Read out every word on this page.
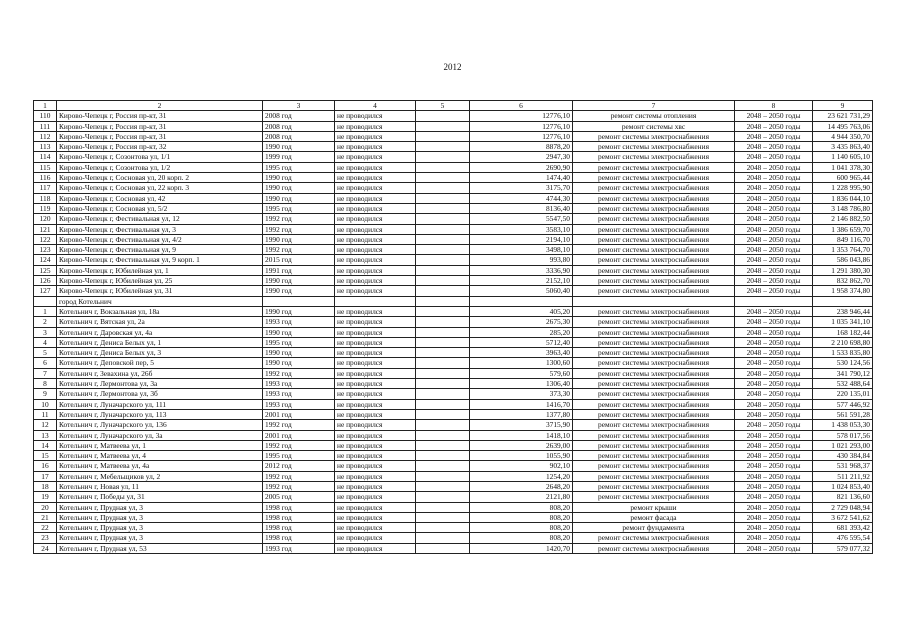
2012
1	2	3	4	5	6	7	8	9
110	Кирово-Чепецк г, Россия пр-кт, 31	2008 год	не проводился		12776,10	ремонт системы отопления	2048 – 2050 годы	23 621 731,29
111	Кирово-Чепецк г, Россия пр-кт, 31	2008 год	не проводился		12776,10	ремонт системы хвс	2048 – 2050 годы	14 495 763,06
112	Кирово-Чепецк г, Россия пр-кт, 31	2008 год	не проводился		12776,10	ремонт системы электроснабжения	2048 – 2050 годы	4 944 350,70
113	Кирово-Чепецк г, Россия пр-кт, 32	1990 год	не проводился		8878,20	ремонт системы электроснабжения	2048 – 2050 годы	3 435 863,40
114	Кирово-Чепецк г, Созонтова ул, 1/1	1999 год	не проводился		2947,30	ремонт системы электроснабжения	2048 – 2050 годы	1 140 605,10
115	Кирово-Чепецк г, Созонтова ул, 1/2	1995 год	не проводился		2690,90	ремонт системы электроснабжения	2048 – 2050 годы	1 041 378,30
116	Кирово-Чепецк г, Сосновая ул, 20 корп. 2	1990 год	не проводился		1474,40	ремонт системы электроснабжения	2048 – 2050 годы	600 965,44
117	Кирово-Чепецк г, Сосновая ул, 22 корп. 3	1990 год	не проводился		3175,70	ремонт системы электроснабжения	2048 – 2050 годы	1 228 995,90
118	Кирово-Чепецк г, Сосновая ул, 42	1990 год	не проводился		4744,30	ремонт системы электроснабжения	2048 – 2050 годы	1 836 044,10
119	Кирово-Чепецк г, Сосновая ул, 5/2	1995 год	не проводился		8136,40	ремонт системы электроснабжения	2048 – 2050 годы	3 148 786,80
120	Кирово-Чепецк г, Фестивальная ул, 12	1992 год	не проводился		5547,50	ремонт системы электроснабжения	2048 – 2050 годы	2 146 882,50
121	Кирово-Чепецк г, Фестивальная ул, 3	1992 год	не проводился		3583,10	ремонт системы электроснабжения	2048 – 2050 годы	1 386 659,70
122	Кирово-Чепецк г, Фестивальная ул, 4/2	1990 год	не проводился		2194,10	ремонт системы электроснабжения	2048 – 2050 годы	849 116,70
123	Кирово-Чепецк г, Фестивальная ул, 9	1992 год	не проводился		3498,10	ремонт системы электроснабжения	2048 – 2050 годы	1 353 764,70
124	Кирово-Чепецк г, Фестивальная ул, 9 корп. 1	2015 год	не проводился		993,80	ремонт системы электроснабжения	2048 – 2050 годы	586 043,86
125	Кирово-Чепецк г, Юбилейная ул, 1	1991 год	не проводился		3336,90	ремонт системы электроснабжения	2048 – 2050 годы	1 291 380,30
126	Кирово-Чепецк г, Юбилейная ул, 25	1990 год	не проводился		2152,10	ремонт системы электроснабжения	2048 – 2050 годы	832 862,70
127	Кирово-Чепецк г, Юбилейная ул, 31	1990 год	не проводился		5060,40	ремонт системы электроснабжения	2048 – 2050 годы	1 958 374,80
	город Котельнич							
1	Котельнич г, Вокзальная ул, 18а	1990 год	не проводился		405,20	ремонт системы электроснабжения	2048 – 2050 годы	238 946,44
2	Котельнич г, Вятская ул, 2а	1993 год	не проводился		2675,30	ремонт системы электроснабжения	2048 – 2050 годы	1 035 341,10
3	Котельнич г, Даровская ул, 4а	1990 год	не проводился		285,20	ремонт системы электроснабжения	2048 – 2050 годы	168 182,44
4	Котельнич г, Дениса Белых ул, 1	1995 год	не проводился		5712,40	ремонт системы электроснабжения	2048 – 2050 годы	2 210 698,80
5	Котельнич г, Дениса Белых ул, 3	1990 год	не проводился		3963,40	ремонт системы электроснабжения	2048 – 2050 годы	1 533 835,80
6	Котельнич г, Деповской пер, 5	1990 год	не проводился		1300,60	ремонт системы электроснабжения	2048 – 2050 годы	530 124,56
7	Котельнич г, Зевахина ул, 26б	1992 год	не проводился		579,60	ремонт системы электроснабжения	2048 – 2050 годы	341 790,12
8	Котельнич г, Лермонтова ул, 3а	1993 год	не проводился		1306,40	ремонт системы электроснабжения	2048 – 2050 годы	532 488,64
9	Котельнич г, Лермонтова ул, 3б	1993 год	не проводился		373,30	ремонт системы электроснабжения	2048 – 2050 годы	220 135,01
10	Котельнич г, Луначарского ул, 111	1993 год	не проводился		1416,70	ремонт системы электроснабжения	2048 – 2050 годы	577 446,92
11	Котельнич г, Луначарского ул, 113	2001 год	не проводился		1377,80	ремонт системы электроснабжения	2048 – 2050 годы	561 591,28
12	Котельнич г, Луначарского ул, 136	1992 год	не проводился		3715,90	ремонт системы электроснабжения	2048 – 2050 годы	1 438 053,30
13	Котельнич г, Луначарского ул, 3а	2001 год	не проводился		1418,10	ремонт системы электроснабжения	2048 – 2050 годы	578 017,56
14	Котельнич г, Матвеева ул, 1	1992 год	не проводился		2639,00	ремонт системы электроснабжения	2048 – 2050 годы	1 021 293,00
15	Котельнич г, Матвеева ул, 4	1995 год	не проводился		1055,90	ремонт системы электроснабжения	2048 – 2050 годы	430 384,84
16	Котельнич г, Матвеева ул, 4а	2012 год	не проводился		902,10	ремонт системы электроснабжения	2048 – 2050 годы	531 968,37
17	Котельнич г, Мебельщиков ул, 2	1992 год	не проводился		1254,20	ремонт системы электроснабжения	2048 – 2050 годы	511 211,92
18	Котельнич г, Новая ул, 11	1992 год	не проводился		2648,20	ремонт системы электроснабжения	2048 – 2050 годы	1 024 853,40
19	Котельнич г, Победы ул, 31	2005 год	не проводился		2121,80	ремонт системы электроснабжения	2048 – 2050 годы	821 136,60
20	Котельнич г, Прудная ул, 3	1998 год	не проводился		808,20	ремонт крыши	2048 – 2050 годы	2 729 048,94
21	Котельнич г, Прудная ул, 3	1998 год	не проводился		808,20	ремонт фасада	2048 – 2050 годы	3 672 541,62
22	Котельнич г, Прудная ул, 3	1998 год	не проводился		808,20	ремонт фундамента	2048 – 2050 годы	681 393,42
23	Котельнич г, Прудная ул, 3	1998 год	не проводился		808,20	ремонт системы электроснабжения	2048 – 2050 годы	476 595,54
24	Котельнич г, Прудная ул, 53	1993 год	не проводился		1420,70	ремонт системы электроснабжения	2048 – 2050 годы	579 077,32
